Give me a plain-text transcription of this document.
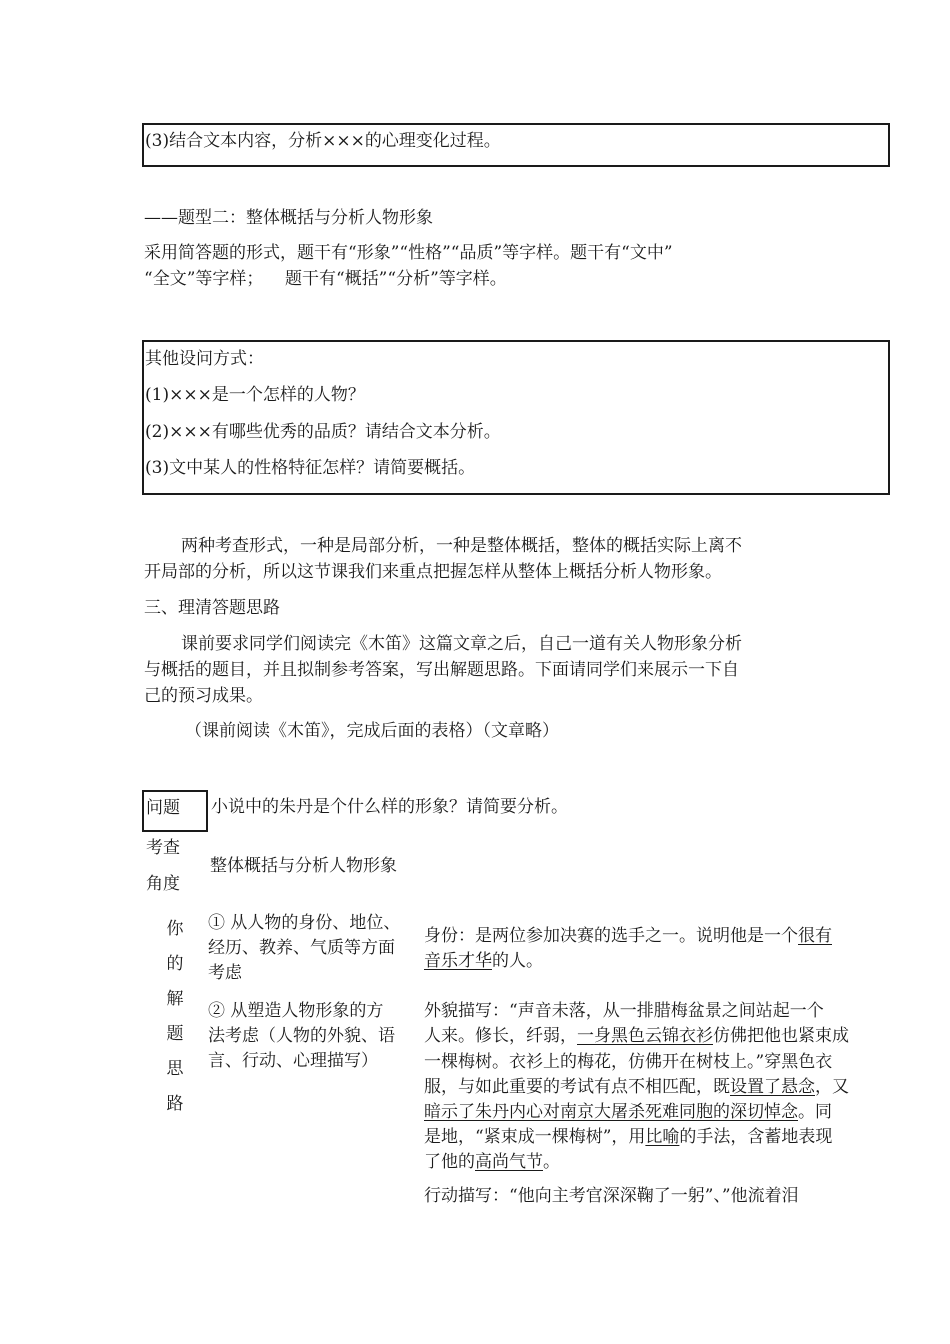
(3)结合文本内容，分析×××的心理变化过程。
——题型二：整体概括与分析人物形象
采用简答题的形式，题干有“形象”“性格”“品质”等字样。题干有“文中”
“全文”等字样；    题干有“概括”“分析”等字样。
其他设问方式：
(1)×××是一个怎样的人物？
(2)×××有哪些优秀的品质？请结合文本分析。
(3)文中某人的性格特征怎样？请简要概括。
两种考查形式，一种是局部分析，一种是整体概括，整体的概括实际上离不
开局部的分析，所以这节课我们来重点把握怎样从整体上概括分析人物形象。
三、理清答题思路
课前要求同学们阅读完《木笛》这篇文章之后，自己一道有关人物形象分析
与概括的题目，并且拟制参考答案，写出解题思路。下面请同学们来展示一下自
己的预习成果。
（课前阅读《木笛》，完成后面的表格）（文章略）
问题 小说中的朱丹是个什么样的形象？请简要分析。
考查
角度
整体概括与分析人物形象
你
的
解
题
思
路
① 从人物的身份、地位、
经历、教养、气质等方面
考虑
身份：是两位参加决赛的选手之一。说明他是一个很有
音乐才华的人。
② 从塑造人物形象的方
法考虑（人物的外貌、语
言、行动、心理描写）
外貌描写：“声音未落，从一排腊梅盆景之间站起一个
人来。修长，纤弱，一身黑色云锦衣衫仿佛把他也紧束成
一棵梅树。衣衫上的梅花，仿佛开在树枝上。”穿黑色衣
服，与如此重要的考试有点不相匹配，既设置了悬念，又
暗示了朱丹内心对南京大屠杀死难同胞的深切悼念。同
是地，“紧束成一棵梅树”，用比喻的手法，含蓄地表现
了他的高尚气节。
行动描写：“他向主考官深深鞠了一躬”、”他流着泪
